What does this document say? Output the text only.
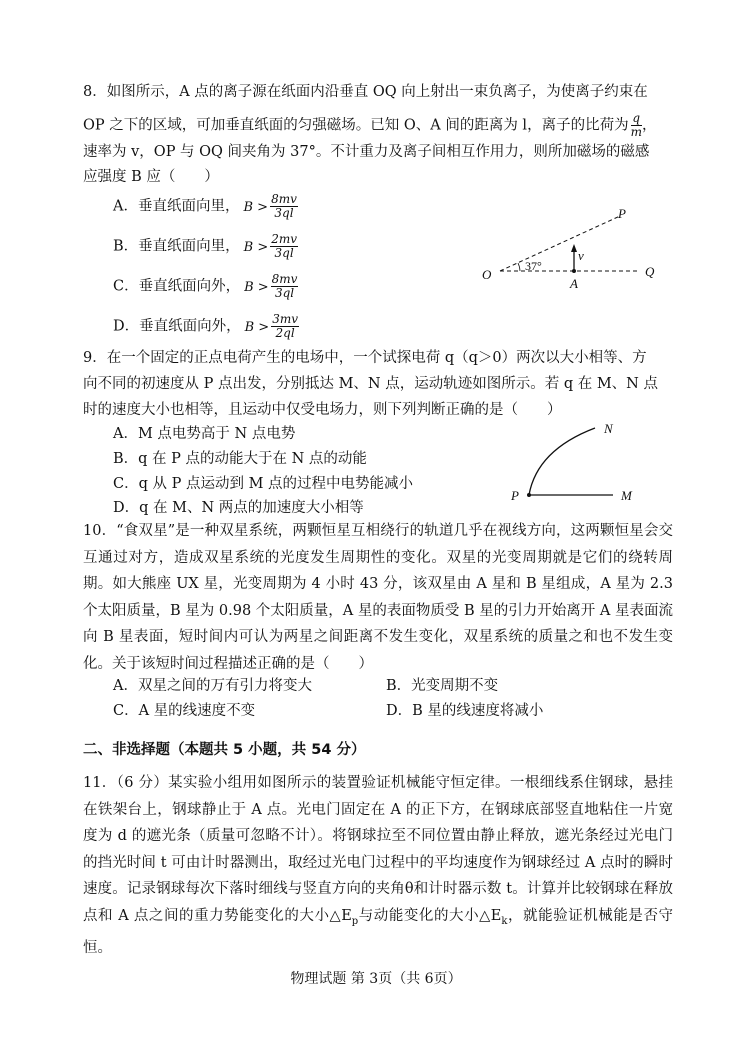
8．如图所示，A 点的离子源在纸面内沿垂直 OQ 向上射出一束负离子，为使离子约束在
OP 之下的区域，可加垂直纸面的匀强磁场。已知 O、A 间的距离为 l，离子的比荷为 $\frac{q}{m}$ ，
速率为 v，OP 与 OQ 间夹角为 37°。不计重力及离子间相互作用力，则所加磁场的磁感
应强度 B 应（　　）
A．垂直纸面向里， $B > \frac{8mv}{3ql}$
B．垂直纸面向里， $B > \frac{2mv}{3ql}$
C．垂直纸面向外， $B > \frac{8mv}{3ql}$
D．垂直纸面向外， $B > \frac{3mv}{2ql}$
P
O
A
Q
v
37°
9．在一个固定的正点电荷产生的电场中，一个试探电荷 q（q＞0）两次以大小相等、方
向不同的初速度从 P 点出发，分别抵达 M、N 点，运动轨迹如图所示。若 q 在 M、N 点
时的速度大小也相等，且运动中仅受电场力，则下列判断正确的是（　　）
A．M 点电势高于 N 点电势
B．q 在 P 点的动能大于在 N 点的动能
C．q 从 P 点运动到 M 点的过程中电势能减小
D．q 在 M、N 两点的加速度大小相等
N
P	M
10．“食双星”是一种双星系统，两颗恒星互相绕行的轨道几乎在视线方向，这两颗恒星会交互通过对方，造成双星系统的光度发生周期性的变化。双星的光变周期就是它们的绕转周期。如大熊座 UX 星，光变周期为 4 小时 43 分，该双星由 A 星和 B 星组成，A 星为 2.3 个太阳质量，B 星为 0.98 个太阳质量，A 星的表面物质受 B 星的引力开始离开 A 星表面流向 B 星表面，短时间内可认为两星之间距离不发生变化，双星系统的质量之和也不发生变化。关于该短时间过程描述正确的是（　　）
A．双星之间的万有引力将变大	B．光变周期不变
C．A 星的线速度不变	D．B 星的线速度将减小
二、非选择题（本题共 5 小题，共 54 分）
11．（6 分）某实验小组用如图所示的装置验证机械能守恒定律。一根细线系住钢球，悬挂在铁架台上，钢球静止于 A 点。光电门固定在 A 的正下方，在钢球底部竖直地粘住一片宽度为 d 的遮光条（质量可忽略不计）。将钢球拉至不同位置由静止释放，遮光条经过光电门的挡光时间 t 可由计时器测出，取经过光电门过程中的平均速度作为钢球经过 A 点时的瞬时速度。记录钢球每次下落时细线与竖直方向的夹角θ和计时器示数 t。计算并比较钢球在释放点和 A 点之间的重力势能变化的大小$\triangle E_p$与动能变化的大小$\triangle E_k$，就能验证机械能是否守恒。
物理试题 第 3页（共 6页）
